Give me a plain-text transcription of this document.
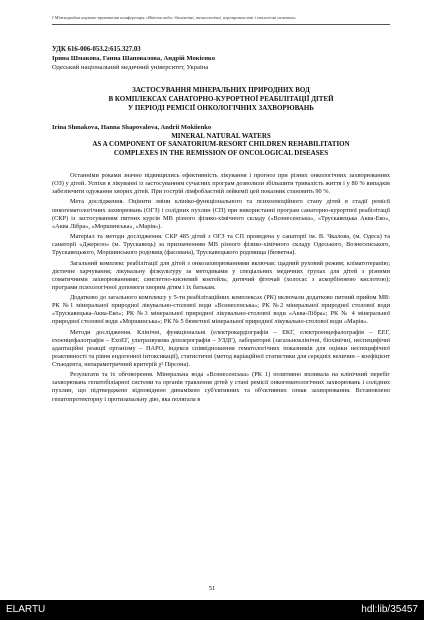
І Міжнародна науково-практична конференція «Якість води: біохімічні, технологічні, агропромислові і екологічні аспекти»
УДК 616-006-053.2:615.327.03
Ірина Шмакова, Ганна Шаповалова, Андрій Мокієнко
Одеський національний медичний університет, Україна
ЗАСТОСУВАННЯ МІНЕРАЛЬНИХ ПРИРОДНИХ ВОД
В КОМПЛЕКСАХ САНАТОРНО-КУРОРТНОЇ РЕАБІЛІТАЦІЇ ДІТЕЙ
У ПЕРІОДІ РЕМІСІЇ ОНКОЛОГІЧНИХ ЗАХВОРЮВАНЬ
Irina Shmakova, Hanna Shapovalova, Andrii Mokiienko
MINERAL NATURAL WATERS
AS A COMPONENT OF SANATORIUM-RESORT CHILDREN REHABILITATION
COMPLEXES IN THE REMISSION OF ONCOLOGICAL DISEASES

Останніми роками значно підвищились ефективність лікування і прогноз при різних онкологічних захворюваннях (ОЗ) у дітей. Успіхи в лікуванні із застосуванням сучасних програм дозволили збільшити тривалість життя і у 80 % випадків забезпечити одужання хворих дітей. При гострій лімфобластній лейкемії цей показник становить 90 %.

Мета дослідження. Оцінити зміни клініко-функціонального та психоемоційного стану дітей в стадії ремісії онкогематологічних захворювань (ОГЗ) і солідних пухлин (СП) при використанні програм санаторно-курортної реабілітації (СКР) із застосуванням питних курсів МВ різного фізико-хімічного складу («Вознесенська», «Трускавецька Аква-Еко», «Аква Лібра», «Моршинська», «Марія»).

Матеріал та методи дослідження. СКР 485 дітей з ОГЗ та СП проведена у санаторії ім. В. Чкалова, (м. Одеса) та санаторії «Джерело» (м. Трускавець) за призначенням МВ різного фізико-хімічного складу Одеського, Вознесенського, Трускавецького, Моршинського родовищ (фасована), Трускавецького родовища (бюветна).

Загальний комплекс реабілітації для дітей з онкозахворюваннями включав: щадний руховий режим; кліматотерапію; дієтичне харчування; лікувальну фізкультуру за методиками у спеціальних медичних групах для дітей з різними соматичними захворюваннями; синглетно-кисневий коктейль; дитячий фіточай (холосас з аскорбіновою кислотою); програми психологічної допомоги хворим дітям і їх батькам.

Додатково до загального комплексу у 5-ти реабілітаційних комплексах (РК) включали додатково питний прийом МВ: РК №1 мінеральної природної лікувально-столової води «Вознесенська»; РК №2 мінеральної природної столової води «Трускавецька-Аква-Еко»; РК №3 мінеральної природної лікувально-столової води «Аква-Лібра»; РК № 4 мінеральної природної столової води «Моршинська»; РК № 5 бюветної мінеральної природної лікувально-столової води «Марія».

Методи дослідження. Клінічні, функціональні (електрокардіографія – ЕКГ, електроенцефалографія – ЕЕГ, ехоенцефалографія – ЕхоЕГ, ультразвукова доплерографія – УЗДГ), лабораторні (загальноклінічні, біохімічні, неспецифічні адаптаційні реакції організму – НАРО, індекси співвідношення гематологічних показників для оцінки неспецифічної реактивності та рівня ендогенної інтоксикації), статистичні (метод варіаційної статистики для середніх величин – коефіцієнт Стьюдента, непараметричний критерій χ² Пірсона).

Результати та їх обговорення. Мінеральна вода «Вознесенська» (РК 1) позитивно впливала на клінічний перебіг захворювань гепатобіліарної системи та органів травлення дітей у стані ремісії онкогематологічних захворювань і солідних пухлин, що підтверджено відповідною динамікою суб'єктивних та об'єктивних ознак захворювання. Встановлено гепатопротекторну і протизапальну дію, яка полягала в

51
ELARTU	hdl:lib/35457
